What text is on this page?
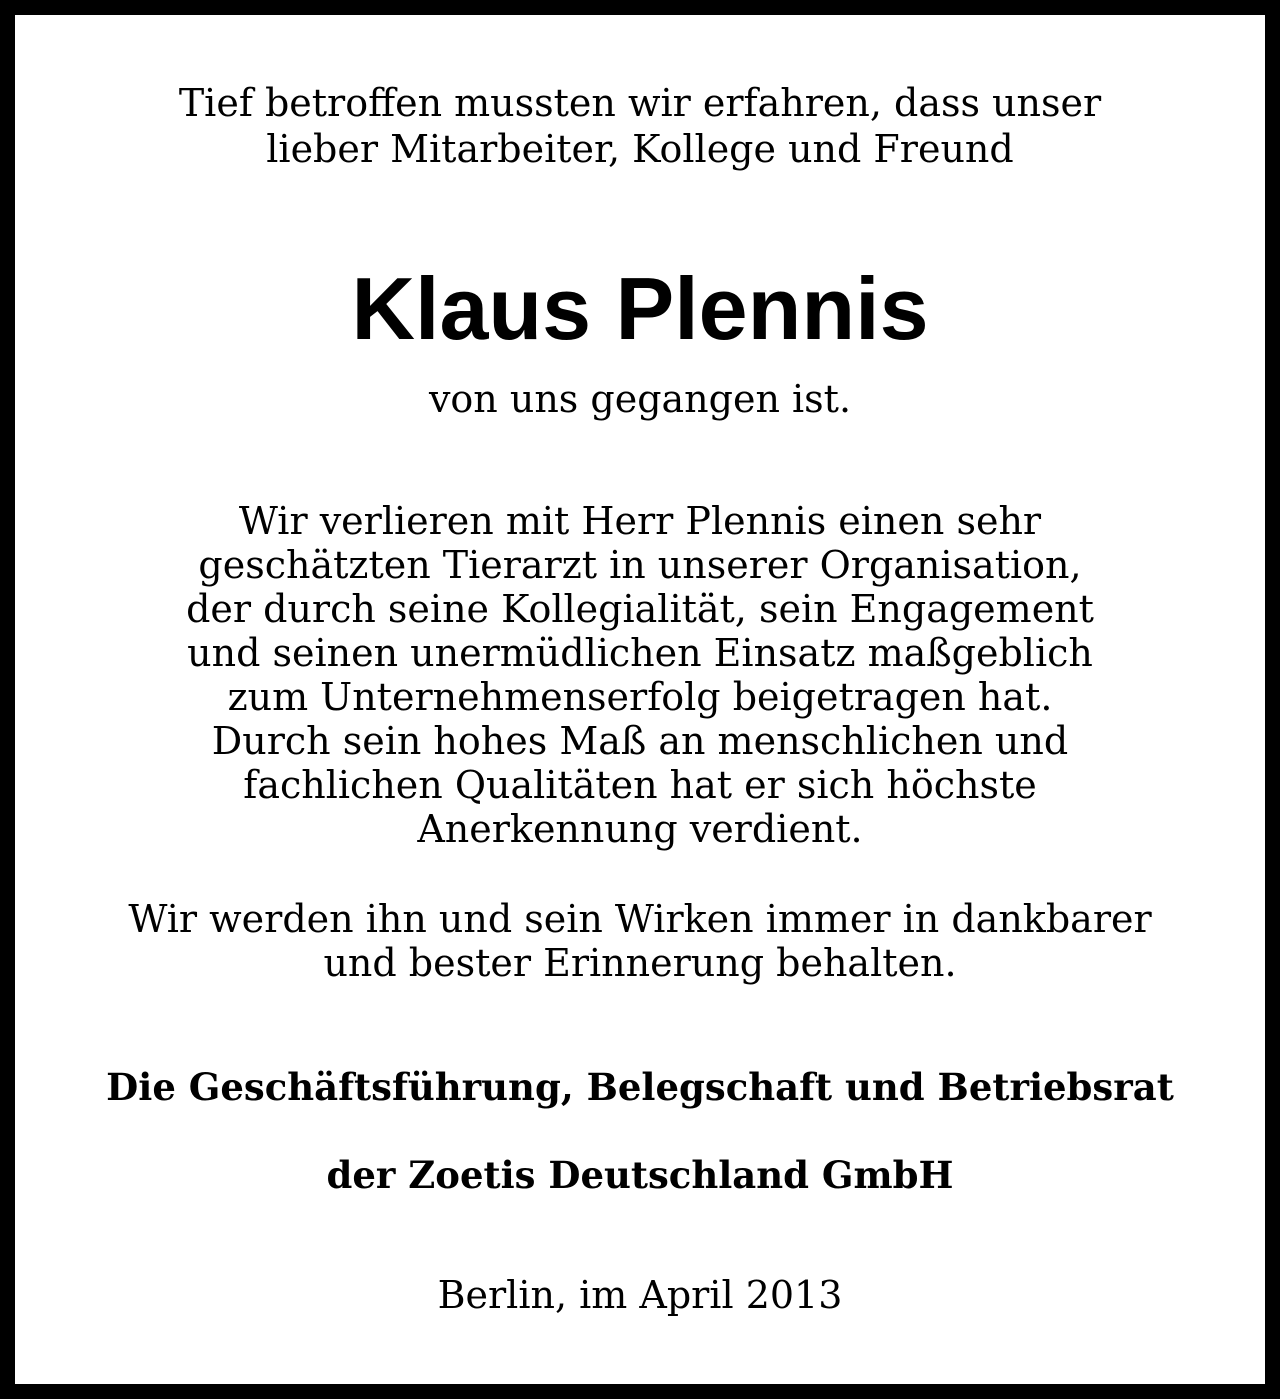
Tief betroffen mussten wir erfahren, dass unser
lieber Mitarbeiter, Kollege und Freund
Klaus Plennis
von uns gegangen ist.
Wir verlieren mit Herr Plennis einen sehr
geschätzten Tierarzt in unserer Organisation,
der durch seine Kollegialität, sein Engagement
und seinen unermüdlichen Einsatz maßgeblich
zum Unternehmenserfolg beigetragen hat.
Durch sein hohes Maß an menschlichen und
fachlichen Qualitäten hat er sich höchste
Anerkennung verdient.
Wir werden ihn und sein Wirken immer in dankbarer
und bester Erinnerung behalten.
Die Geschäftsführung, Belegschaft und Betriebsrat
der Zoetis Deutschland GmbH
Berlin, im April 2013
